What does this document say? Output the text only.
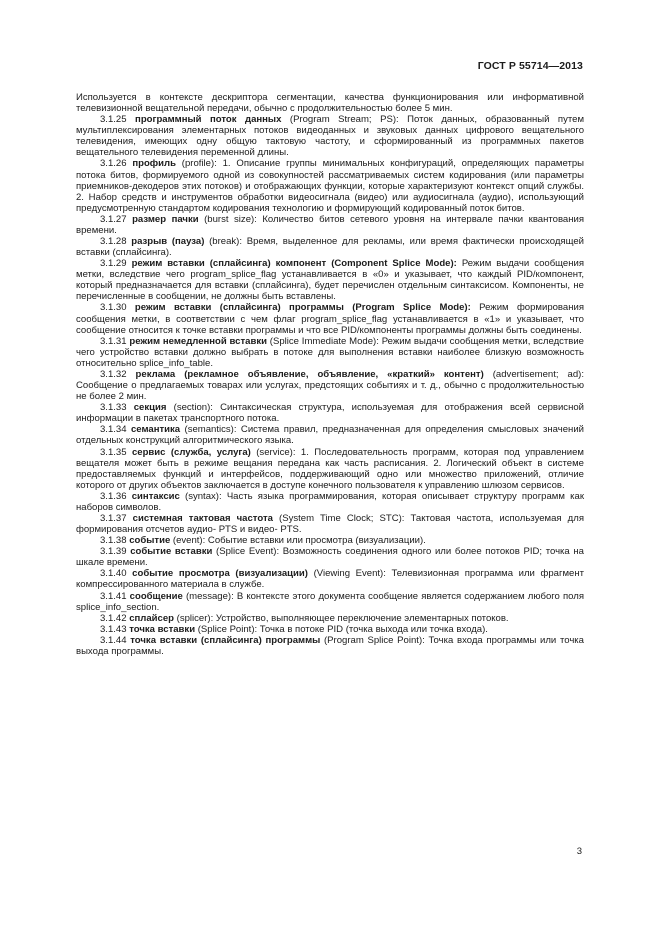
ГОСТ Р 55714—2013

Используется в контексте дескриптора сегментации, качества функционирования или информативной телевизионной вещательной передачи, обычно с продолжительностью более 5 мин.

3.1.25 программный поток данных (Program Stream; PS): Поток данных, образованный путем мультиплексирования элементарных потоков видеоданных и звуковых данных цифрового вещательного телевидения, имеющих одну общую тактовую частоту, и сформированный из программных пакетов вещательного телевидения переменной длины.

3.1.26 профиль (profile): 1. Описание группы минимальных конфигураций, определяющих параметры потока битов, формируемого одной из совокупностей рассматриваемых систем кодирования (или параметры приемников-декодеров этих потоков) и отображающих функции, которые характеризуют контекст опций службы. 2. Набор средств и инструментов обработки видеосигнала (видео) или аудиосигнала (аудио), использующий предусмотренную стандартом кодирования технологию и формирующий кодированный поток битов.

3.1.27 размер пачки (burst size): Количество битов сетевого уровня на интервале пачки квантования времени.

3.1.28 разрыв (пауза) (break): Время, выделенное для рекламы, или время фактически происходящей вставки (сплайсинга).

3.1.29 режим вставки (сплайсинга) компонент (Component Splice Mode): Режим выдачи сообщения метки, вследствие чего program_splice_flag устанавливается в «0» и указывает, что каждый PID/компонент, который предназначается для вставки (сплайсинга), будет перечислен отдельным синтаксисом. Компоненты, не перечисленные в сообщении, не должны быть вставлены.

3.1.30 режим вставки (сплайсинга) программы (Program Splice Mode): Режим формирования сообщения метки, в соответствии с чем флаг program_splice_flag устанавливается в «1» и указывает, что сообщение относится к точке вставки программы и что все PID/компоненты программы должны быть соединены.

3.1.31 режим немедленной вставки (Splice Immediate Mode): Режим выдачи сообщения метки, вследствие чего устройство вставки должно выбрать в потоке для выполнения вставки наиболее близкую возможность относительно splice_info_table.

3.1.32 реклама (рекламное объявление, объявление, «краткий» контент) (advertisement; ad): Сообщение о предлагаемых товарах или услугах, предстоящих событиях и т. д., обычно с продолжительностью не более 2 мин.

3.1.33 секция (section): Синтаксическая структура, используемая для отображения всей сервисной информации в пакетах транспортного потока.

3.1.34 семантика (semantics): Система правил, предназначенная для определения смысловых значений отдельных конструкций алгоритмического языка.

3.1.35 сервис (служба, услуга) (service): 1. Последовательность программ, которая под управлением вещателя может быть в режиме вещания передана как часть расписания. 2. Логический объект в системе предоставляемых функций и интерфейсов, поддерживающий одно или множество приложений, отличие которого от других объектов заключается в доступе конечного пользователя к управлению шлюзом сервисов.

3.1.36 синтаксис (syntax): Часть языка программирования, которая описывает структуру программ как наборов символов.

3.1.37 системная тактовая частота (System Time Clock; STC): Тактовая частота, используемая для формирования отсчетов аудио- PTS и видео- PTS.

3.1.38 событие (event): Событие вставки или просмотра (визуализации).

3.1.39 событие вставки (Splice Event): Возможность соединения одного или более потоков PID; точка на шкале времени.

3.1.40 событие просмотра (визуализации) (Viewing Event): Телевизионная программа или фрагмент компрессированного материала в службе.

3.1.41 сообщение (message): В контексте этого документа сообщение является содержанием любого поля splice_info_section.

3.1.42 сплайсер (splicer): Устройство, выполняющее переключение элементарных потоков.

3.1.43 точка вставки (Splice Point): Точка в потоке PID (точка выхода или точка входа).

3.1.44 точка вставки (сплайсинга) программы (Program Splice Point): Точка входа программы или точка выхода программы.

3
